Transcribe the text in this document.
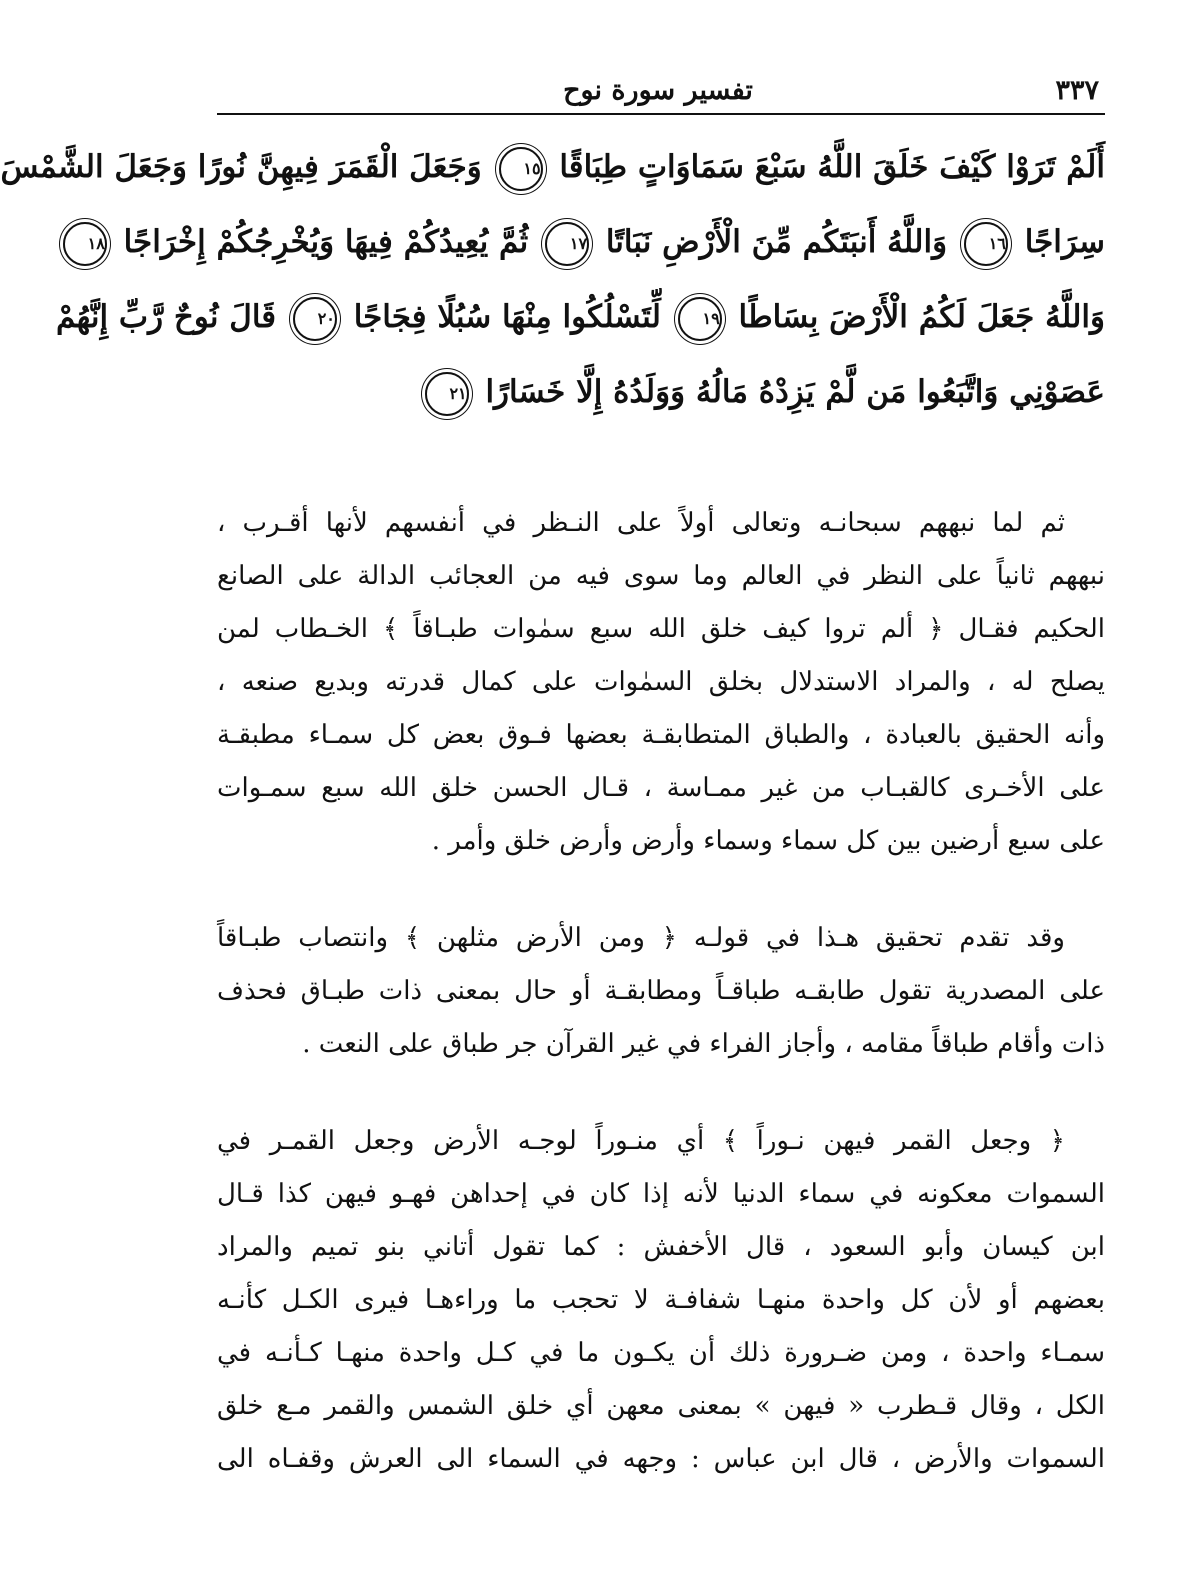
تفسير سورة نوح	٣٣٧
أَلَمْ تَرَوْا كَيْفَ خَلَقَ اللَّهُ سَبْعَ سَمَاوَاتٍ طِبَاقًا ١٥ وَجَعَلَ الْقَمَرَ فِيهِنَّ نُورًا وَجَعَلَ الشَّمْسَ
سِرَاجًا ١٦ وَاللَّهُ أَنبَتَكُم مِّنَ الْأَرْضِ نَبَاتًا ١٧ ثُمَّ يُعِيدُكُمْ فِيهَا وَيُخْرِجُكُمْ إِخْرَاجًا ١٨
وَاللَّهُ جَعَلَ لَكُمُ الْأَرْضَ بِسَاطًا ١٩ لِّتَسْلُكُوا مِنْهَا سُبُلًا فِجَاجًا ٢٠ قَالَ نُوحٌ رَّبِّ إِنَّهُمْ
عَصَوْنِي وَاتَّبَعُوا مَن لَّمْ يَزِدْهُ مَالُهُ وَوَلَدُهُ إِلَّا خَسَارًا ٢١
ثم لما نبههم سبحانـه وتعالى أولاً على النـظر في أنفسهم لأنها أقـرب ،
نبههم ثانياً على النظر في العالم وما سوى فيه من العجائب الدالة على الصانع
الحكيم فقـال ﴿ ألم تروا كيف خلق الله سبع سمٰوات طبـاقاً ﴾ الخـطاب لمن
يصلح له ، والمراد الاستدلال بخلق السمٰوات على كمال قدرته وبديع صنعه ،
وأنه الحقيق بالعبادة ، والطباق المتطابقـة بعضها فـوق بعض كل سمـاء مطبقـة
على الأخـرى كالقبـاب من غير ممـاسة ، قـال الحسن خلق الله سبع سمـوات
على سبع أرضين بين كل سماء وسماء وأرض وأرض خلق وأمر .
وقد تقدم تحقيق هـذا في قولـه ﴿ ومن الأرض مثلهن ﴾ وانتصاب طبـاقاً
على المصدرية تقول طابقـه طباقـاً ومطابقـة أو حال بمعنى ذات طبـاق فحذف
ذات وأقام طباقاً مقامه ، وأجاز الفراء في غير القرآن جر طباق على النعت .
﴿ وجعل القمر فيهن نـوراً ﴾ أي منـوراً لوجـه الأرض وجعل القمـر في
السموات معكونه في سماء الدنيا لأنه إذا كان في إحداهن فهـو فيهن كذا قـال
ابن كيسان وأبو السعود ، قال الأخفش : كما تقول أتاني بنو تميم والمراد
بعضهم أو لأن كل واحدة منهـا شفافـة لا تحجب ما وراءهـا فيرى الكـل كأنـه
سمـاء واحدة ، ومن ضـرورة ذلك أن يكـون ما في كـل واحدة منهـا كـأنـه في
الكل ، وقال قـطرب « فيهن » بمعنى معهن أي خلق الشمس والقمر مـع خلق
السموات والأرض ، قال ابن عباس : وجهه في السماء الى العرش وقفـاه الى
